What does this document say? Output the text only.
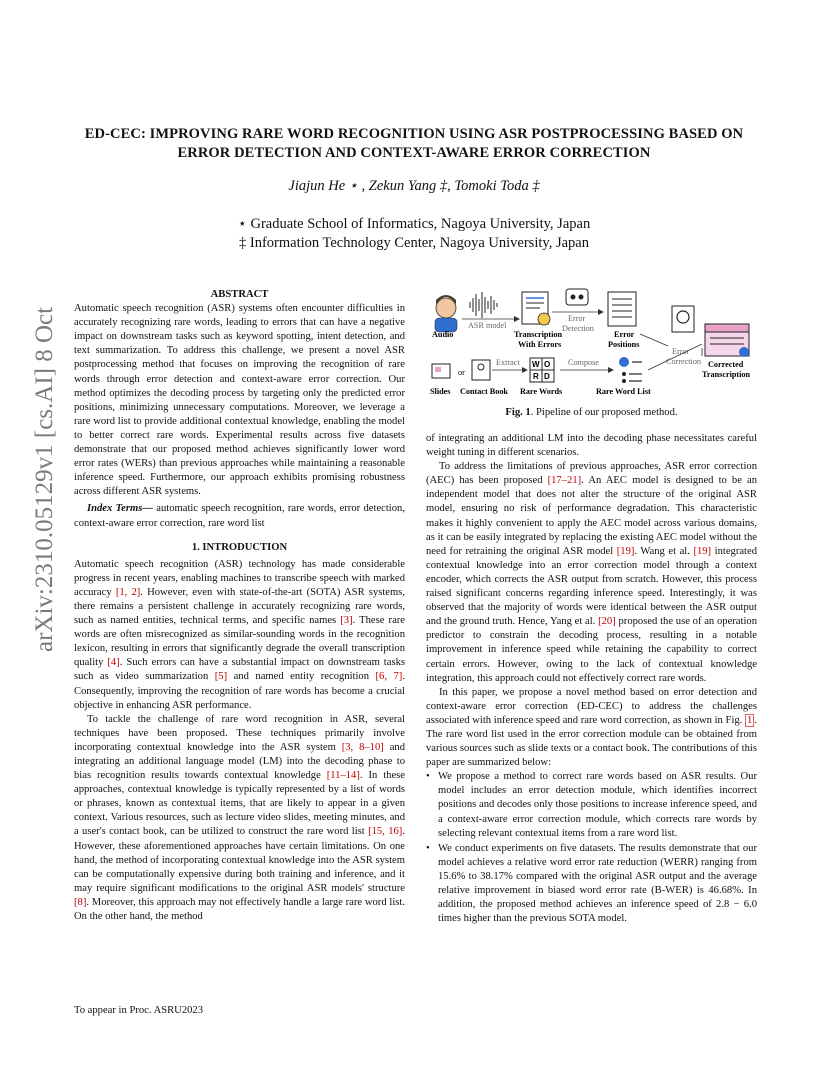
arXiv:2310.05129v1 [cs.AI] 8 Oct 2023
ED-CEC: IMPROVING RARE WORD RECOGNITION USING ASR POSTPROCESSING BASED ON ERROR DETECTION AND CONTEXT-AWARE ERROR CORRECTION
Jiajun He ⋆ , Zekun Yang ‡, Tomoki Toda ‡
⋆ Graduate School of Informatics, Nagoya University, Japan
‡ Information Technology Center, Nagoya University, Japan

ABSTRACT

Automatic speech recognition (ASR) systems often encounter difficulties in accurately recognizing rare words, leading to errors that can have a negative impact on downstream tasks such as keyword spotting, intent detection, and text summarization. To address this challenge, we present a novel ASR postprocessing method that focuses on improving the recognition of rare words through error detection and context-aware error correction. Our method optimizes the decoding process by targeting only the predicted error positions, minimizing unnecessary computations. Moreover, we leverage a rare word list to provide additional contextual knowledge, enabling the model to better correct rare words. Experimental results across five datasets demonstrate that our proposed method achieves significantly lower word error rates (WERs) than previous approaches while maintaining a reasonable inference speed. Furthermore, our approach exhibits promising robustness across different ASR systems.

Index Terms— automatic speech recognition, rare words, error detection, context-aware error correction, rare word list

1. INTRODUCTION

Automatic speech recognition (ASR) technology has made considerable progress in recent years, enabling machines to transcribe speech with marked accuracy [1, 2]. However, even with state-of-the-art (SOTA) ASR systems, there remains a persistent challenge in accurately recognizing rare words, such as named entities, technical terms, and specific names [3]. These rare words are often misrecognized as similar-sounding words in the recognition lexicon, resulting in errors that significantly degrade the overall transcription quality [4]. Such errors can have a substantial impact on downstream tasks such as video summarization [5] and named entity recognition [6, 7]. Consequently, improving the recognition of rare words has become a crucial objective in enhancing ASR performance.

To tackle the challenge of rare word recognition in ASR, several techniques have been proposed. These techniques primarily involve incorporating contextual knowledge into the ASR system [3, 8–10] and integrating an additional language model (LM) into the decoding phase to bias recognition results towards contextual knowledge [11–14]. In these approaches, contextual knowledge is typically represented by a list of words or phrases, known as contextual items, that are likely to appear in a given context. Various resources, such as lecture video slides, meeting minutes, and a user's contact book, can be utilized to construct the rare word list [15, 16]. However, these aforementioned approaches have certain limitations. On one hand, the method of incorporating contextual knowledge into the ASR system can be computationally expensive during both training and inference, and it may require significant modifications to the original ASR models' structure [8]. Moreover, this approach may not effectively handle a large rare word list. On the other hand, the method

Audio
ASR model
Transcription
With Errors
Error
Detection
Error
Positions
Error
Correction Corrected
Transcription
or
Slides Contact Book
Extract W O
R D
Rare Words
Compose
Rare Word List
Fig. 1. Pipeline of our proposed method.

of integrating an additional LM into the decoding phase necessitates careful weight tuning in different scenarios.

To address the limitations of previous approaches, ASR error correction (AEC) has been proposed [17–21]. An AEC model is designed to be an independent model that does not alter the structure of the original ASR model, ensuring no risk of performance degradation. This characteristic makes it highly convenient to apply the AEC model across various domains, as it can be easily integrated by replacing the existing AEC model without the need for retraining the original ASR model [19]. Wang et al. [19] integrated contextual knowledge into an error correction model through a context encoder, which corrects the ASR output from scratch. However, this process raised significant concerns regarding inference speed. Interestingly, it was observed that the majority of words were identical between the ASR output and the ground truth. Hence, Yang et al. [20] proposed the use of an operation predictor to constrain the decoding process, resulting in a notable improvement in inference speed while retaining the capability to correct certain errors. However, owing to the lack of contextual knowledge integration, this approach could not effectively correct rare words.

In this paper, we propose a novel method based on error detection and context-aware error correction (ED-CEC) to address the challenges associated with inference speed and rare word correction, as shown in Fig. 1 . The rare word list used in the error correction module can be obtained from various sources such as slide texts or a contact book. The contributions of this paper are summarized below:

• We propose a method to correct rare words based on ASR results. Our model includes an error detection module, which identifies incorrect positions and decodes only those positions to increase inference speed, and a context-aware error correction module, which corrects rare words by selecting relevant contextual items from a rare word list.
• We conduct experiments on five datasets. The results demonstrate that our model achieves a relative word error rate reduction (WERR) ranging from 15.6% to 38.17% compared with the original ASR output and the average relative improvement in biased word error rate (B-WER) is 46.68%. In addition, the proposed method achieves an inference speed of 2.8 − 6.0 times higher than the previous SOTA model.
To appear in Proc. ASRU2023
